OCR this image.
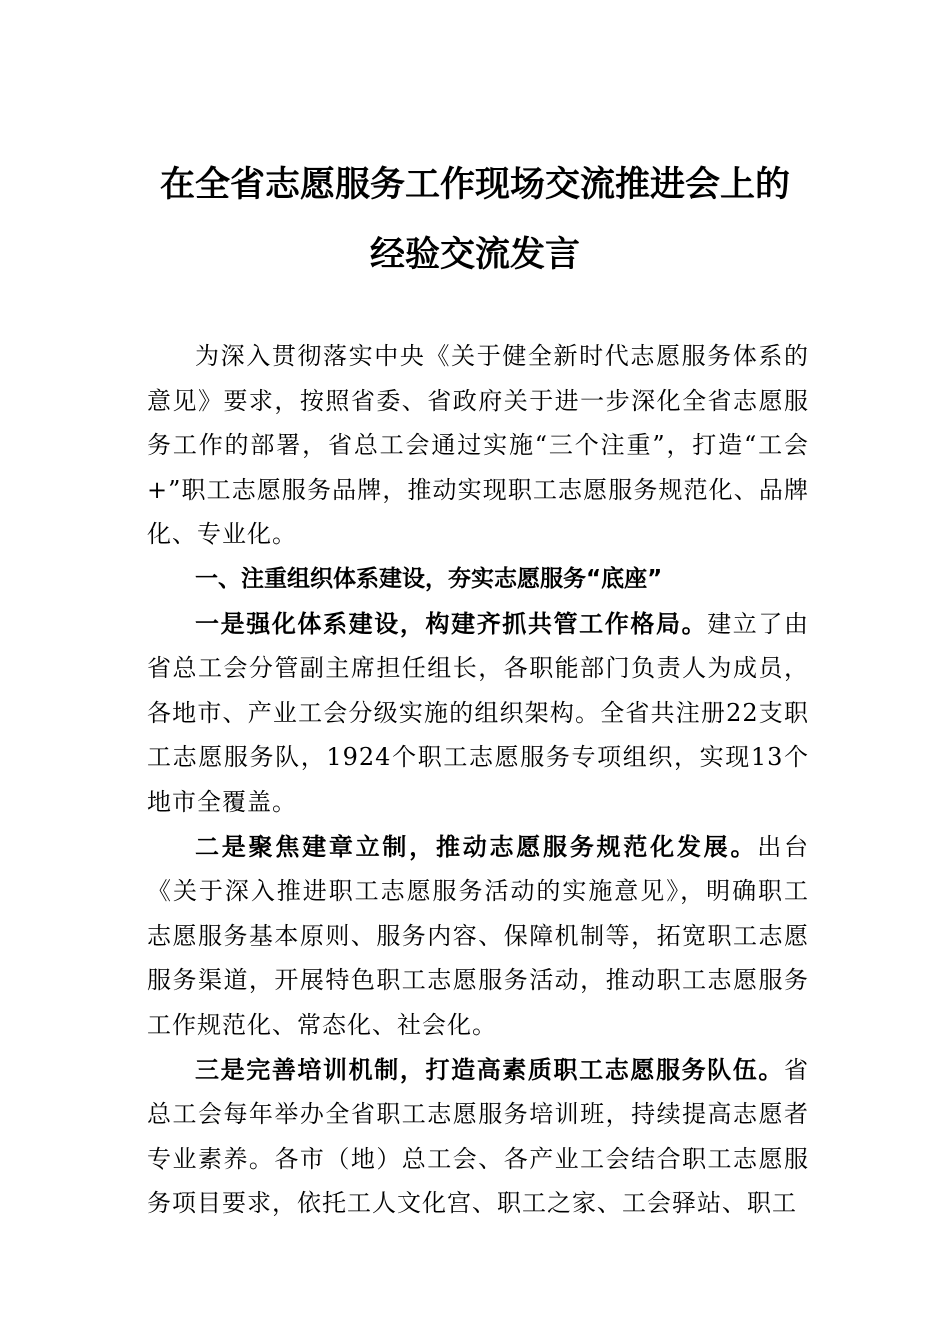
在全省志愿服务工作现场交流推进会上的
经验交流发言

为深入贯彻落实中央《关于健全新时代志愿服务体系的意见》要求，按照省委、省政府关于进一步深化全省志愿服务工作的部署，省总工会通过实施“三个注重”，打造“工会+”职工志愿服务品牌，推动实现职工志愿服务规范化、品牌化、专业化。

一、注重组织体系建设，夯实志愿服务“底座”

一是强化体系建设，构建齐抓共管工作格局。建立了由省总工会分管副主席担任组长，各职能部门负责人为成员，各地市、产业工会分级实施的组织架构。全省共注册22支职工志愿服务队，1924个职工志愿服务专项组织，实现13个地市全覆盖。

二是聚焦建章立制，推动志愿服务规范化发展。出台《关于深入推进职工志愿服务活动的实施意见》，明确职工志愿服务基本原则、服务内容、保障机制等，拓宽职工志愿服务渠道，开展特色职工志愿服务活动，推动职工志愿服务工作规范化、常态化、社会化。

三是完善培训机制，打造高素质职工志愿服务队伍。省总工会每年举办全省职工志愿服务培训班，持续提高志愿者专业素养。各市（地）总工会、各产业工会结合职工志愿服务项目要求，依托工人文化宫、职工之家、工会驿站、职工
